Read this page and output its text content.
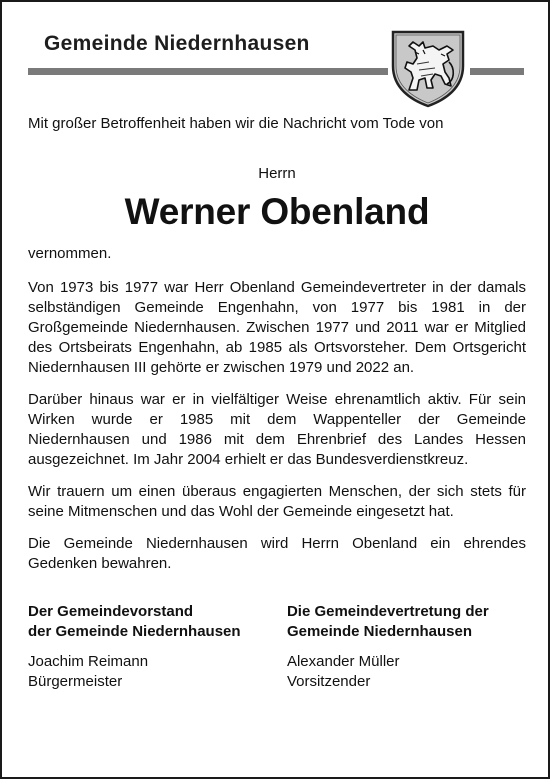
Gemeinde Niedernhausen

Mit großer Betroffenheit haben wir die Nachricht vom Tode von

Herrn

Werner Obenland

vernommen.

Von 1973 bis 1977 war Herr Obenland Gemeindevertreter in der damals selbständigen Gemeinde Engenhahn, von 1977 bis 1981 in der Großgemeinde Niedernhausen. Zwischen 1977 und 2011 war er Mitglied des Ortsbeirats Engenhahn, ab 1985 als Ortsvorsteher. Dem Ortsgericht Niedernhausen III gehörte er zwischen 1979 und 2022 an.

Darüber hinaus war er in vielfältiger Weise ehrenamtlich aktiv. Für sein Wirken wurde er 1985 mit dem Wappenteller der Gemeinde Niedernhausen und 1986 mit dem Ehrenbrief des Landes Hessen ausgezeichnet. Im Jahr 2004 erhielt er das Bundesverdienstkreuz.

Wir trauern um einen überaus engagierten Menschen, der sich stets für seine Mitmenschen und das Wohl der Gemeinde eingesetzt hat.

Die Gemeinde Niedernhausen wird Herrn Obenland ein ehrendes Gedenken bewahren.

Der Gemeindevorstand
der Gemeinde Niedernhausen
Joachim Reimann
Bürgermeister
Die Gemeindevertretung der
Gemeinde Niedernhausen
Alexander Müller
Vorsitzender
